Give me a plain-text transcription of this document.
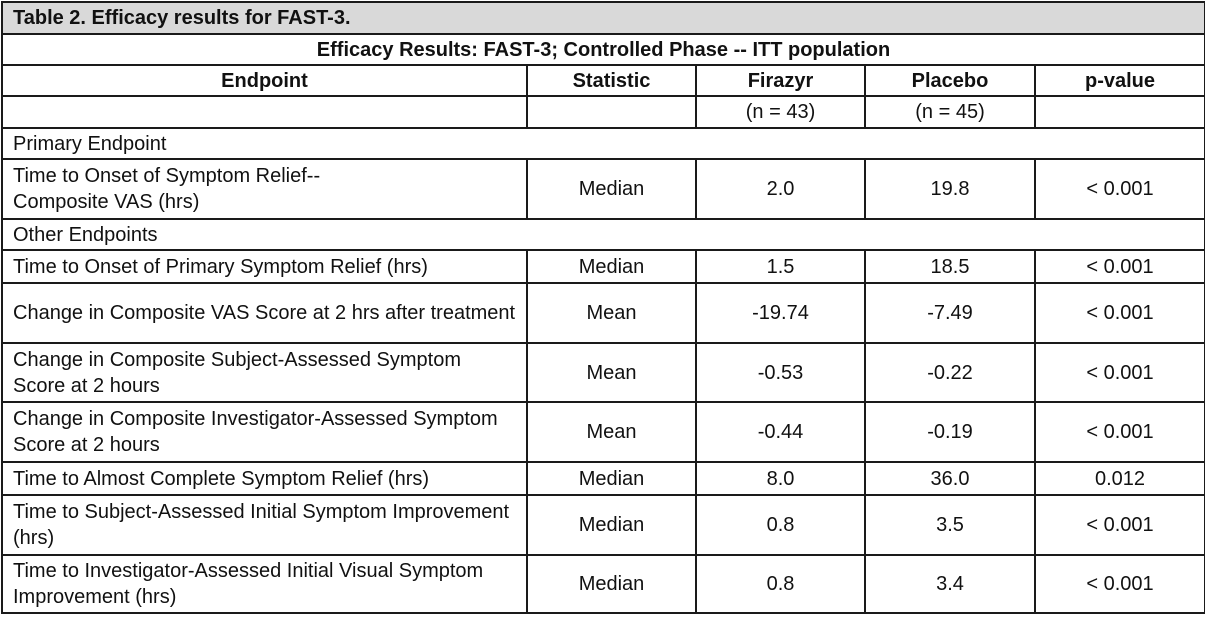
Table 2. Efficacy results for FAST-3.				
Efficacy Results: FAST-3; Controlled Phase -- ITT population				
Endpoint	Statistic	Firazyr	Placebo	p-value
		(n = 43)	(n = 45)	
Primary Endpoint				

Time to Onset of Symptom Relief--
Composite VAS (hrs)	Median	2.0	19.8	< 0.001
Other Endpoints				
Time to Onset of Primary Symptom Relief (hrs)	Median	1.5	18.5	< 0.001
Change in Composite VAS Score at 2 hrs after treatment	Mean	-19.74	-7.49	< 0.001
Change in Composite Subject-Assessed Symptom Score at 2 hours	Mean	-0.53	-0.22	< 0.001
Change in Composite Investigator-Assessed Symptom Score at 2 hours	Mean	-0.44	-0.19	< 0.001
Time to Almost Complete Symptom Relief (hrs)	Median	8.0	36.0	0.012
Time to Subject-Assessed Initial Symptom Improvement (hrs)	Median	0.8	3.5	< 0.001
Time to Investigator-Assessed Initial Visual Symptom Improvement (hrs)	Median	0.8	3.4	< 0.001
